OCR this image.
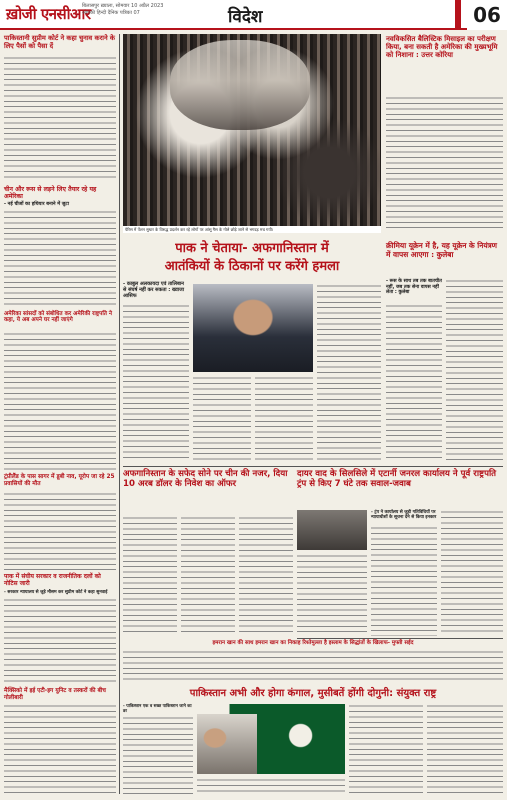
ख़ोजी एनसीआर
बिलासपुर ख़्याला, सोमवार 10 अप्रैल 2023
आपकी हिन्दी दैनिक पत्रिका 07	विदेश	06
पाकिस्तानी सुप्रीम कोर्ट ने कहा चुनाव कराने के लिए पैसों को पैसा दें
चीन और रूस से लड़ने लिए तैयार रहे यह अमेरिका
- नई चीजों का हथियार बनाने में जुटा
अमेरिका सांसदों को संबोधित कर अमेरिकी राष्ट्रपति ने कहा, ये अब अपने घर नहीं जाएंगे
ट्रंप्रीलैंड के पास सागर में डूबी नाव, यूरोप जा रहे 25 प्रवासियों की मौत
पाक में संघीय सरकार व राजनीतिक दलों को नोटिस जारी
- सरकार न्यायालय से जुड़े मौसम कर सुप्रीम कोर्ट ने कहा सुनवाई
मैक्सिको में इई एटी-इग युनिट व तस्करों की बीच गोलीबारी
पेरिस में पेंशन सुधार के विरुद्ध प्रदर्शन कर रहे लोगों पर आंसू गैस के गोले छोड़े जाने से भगदड़ मच गयी।
नवविकसित बैलिस्टिक मिसाइल का परीक्षण किया, बना सकती है अमेरिका की मुख्यभूमि को निशाना : उत्तर कोरिया
पाक ने चेताया- अफगानिस्तान में
आतंकियों के ठिकानों पर करेंगे हमला
- काबुल अलकायदा एवं तालिबान से संघर्ष नहीं कर सकता : ख्वाजा आसिफ
क्रीमिया यूक्रेन में है, यह यूक्रेन के नियंत्रण में वापस आएगा : कुलेबा
- रूस के साथ तब तक बातचीत नहीं, जब तक सेना वापस नहीं लेता : कुलेबा
अफगानिस्तान के सफेद सोने पर चीन की नजर, दिया 10 अरब डॉलर के निवेश का ऑफर
दायर वाद के सिलसिले में एटार्नी जनरल कार्यालय ने पूर्व राष्ट्रपति ट्रंप से किए 7 घंटे तक सवाल-जवाब
- ट्रंप ने कार्यालय से जुड़ी गतिविधियों पर न्यायाधीशों के सूचना देने से किया इनकार
इमरान खान की साथ इमरान खान का निकाह रिश्तेमुल्ला है इस्लाम के सिद्धांतों के खिलाफ- मुफ्ती सईद
पाकिस्तान अभी और होगा कंगाल, मुसीबतें होंगी दोगुनी: संयुक्त राष्ट्र
- पाकिस्तान एक व सख्त पाकिस्तान जाने का डर
